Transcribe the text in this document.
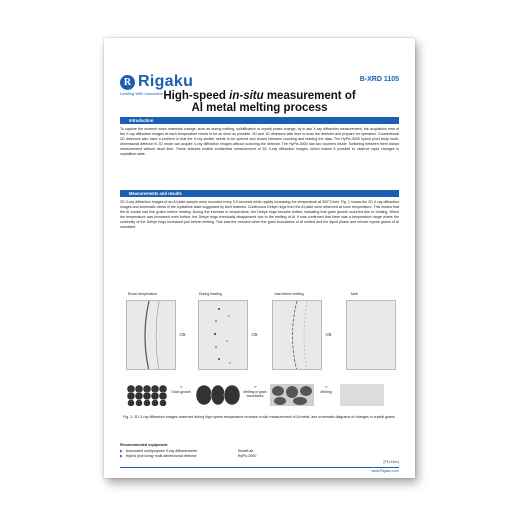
R Rigaku
Leading With Innovation
B-XRD 1105
High-speed in-situ measurement of
Al metal melting process
Introduction
To capture the moment when materials change, such as during melting, solidification or crystal phase change, by in-situ X-ray diffraction measurement, the acquisition time of the X-ray diffraction images at each temperature needs to be as short as possible. 0D and 1D detectors take time to scan the detector and prepare for operation. Conventional 2D detectors also have a problem in that the X-ray shutter needs to be opened and closed between counting and reading the data. The HyPix-3000 hybrid pixel array multi-dimensional detector in 2D mode can acquire X-ray diffraction images without scanning the detector. The HyPix-3000 has two counters inside. Switching between them allows measurement without dead time. These features enable shutterless measurement of 2D X-ray diffraction images, which makes it possible to observe rapid changes in crystalline state.
Measurements and results
2D X-ray diffraction images of an Al plate sample were recorded every 0.5 seconds while rapidly increasing the temperature at 300°C/min. Fig. 1 shows the 2D X-ray diffraction images and schematic views of the crystalline state suggested by their features. Continuous Debye rings from the Al plate were observed at room temperature. This means that the Al crystal had fine grains before heating. During the increase in temperature, the Debye rings became dotted, indicating that grain growth occurred due to heating. When the temperature was increased even further, the Debye rings eventually disappeared due to the melting of Al. It was confirmed that there was a temperature range where the continuity of the Debye rings increased just before melting. This was the moment when the grain boundaries of Al melted and the liquid phase and minute crystal grains of Al coexisted.
Room temperature	During heating	Just before melting	Melt
⇒	⇒	⇒
⇒
Grain growth
⇒
Melting of grain boundaries
⇒
Melting
Fig. 1: 2D X-ray diffraction images observed during high-speed temperature increase in-situ measurement of Al metal, and schematic diagrams of changes in crystal grains.
Recommended equipment
▶ Automated multipurpose X-ray diffractometer	SmartLab
▶ Hybrid pixel array multi-dimensional detector	HyPix-3000
(P1124en)
www.Rigaku.com
